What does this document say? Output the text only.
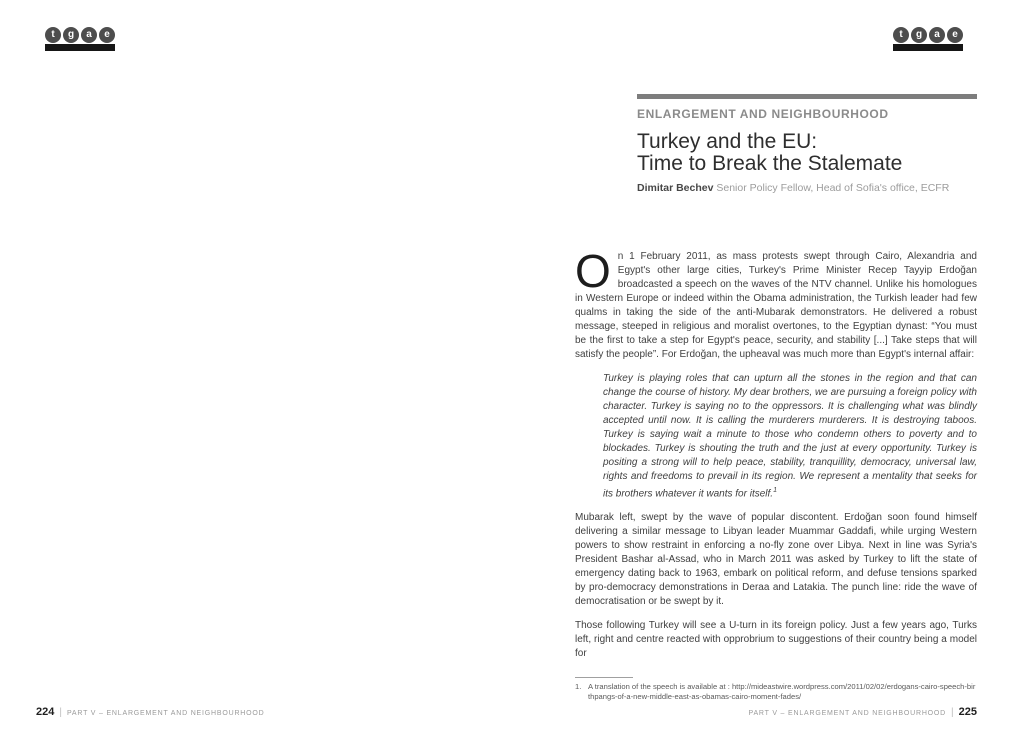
t	g	a	e
Think Global – Act European
t	g	a	e
Think Global – Act European
ENLARGEMENT AND NEIGHBOURHOOD
Turkey and the EU:
Time to Break the Stalemate
Dimitar Bechev Senior Policy Fellow, Head of Sofia's office, ECFR

On 1 February 2011, as mass protests swept through Cairo, Alexandria and Egypt's other large cities, Turkey's Prime Minister Recep Tayyip Erdoğan broadcasted a speech on the waves of the NTV channel. Unlike his homologues in Western Europe or indeed within the Obama administration, the Turkish leader had few qualms in taking the side of the anti-Mubarak demonstrators. He delivered a robust message, steeped in religious and moralist overtones, to the Egyptian dynast: “You must be the first to take a step for Egypt's peace, security, and stability [...] Take steps that will satisfy the people”. For Erdoğan, the upheaval was much more than Egypt's internal affair:

Turkey is playing roles that can upturn all the stones in the region and that can change the course of history. My dear brothers, we are pursuing a foreign policy with character. Turkey is saying no to the oppressors. It is challenging what was blindly accepted until now. It is calling the murderers murderers. It is destroying taboos. Turkey is saying wait a minute to those who condemn others to poverty and to blockades. Turkey is shouting the truth and the just at every opportunity. Turkey is positing a strong will to help peace, stability, tranquillity, democracy, universal law, rights and freedoms to prevail in its region. We represent a mentality that seeks for its brothers whatever it wants for itself.$^1$

Mubarak left, swept by the wave of popular discontent. Erdoğan soon found himself delivering a similar message to Libyan leader Muammar Gaddafi, while urging Western powers to show restraint in enforcing a no-fly zone over Libya. Next in line was Syria's President Bashar al-Assad, who in March 2011 was asked by Turkey to lift the state of emergency dating back to 1963, embark on political reform, and defuse tensions sparked by pro-democracy demonstrations in Deraa and Latakia. The punch line: ride the wave of democratisation or be swept by it.

Those following Turkey will see a U-turn in its foreign policy. Just a few years ago, Turks left, right and centre reacted with opprobrium to suggestions of their country being a model for

1. A translation of the speech is available at : http://mideastwire.wordpress.com/2011/02/02/erdogans-cairo-speech-birthpangs-of-a-new-middle-east-as-obamas-cairo-moment-fades/
224 | PART V – ENLARGEMENT AND NEIGHBOURHOOD	PART V – ENLARGEMENT AND NEIGHBOURHOOD | 225
